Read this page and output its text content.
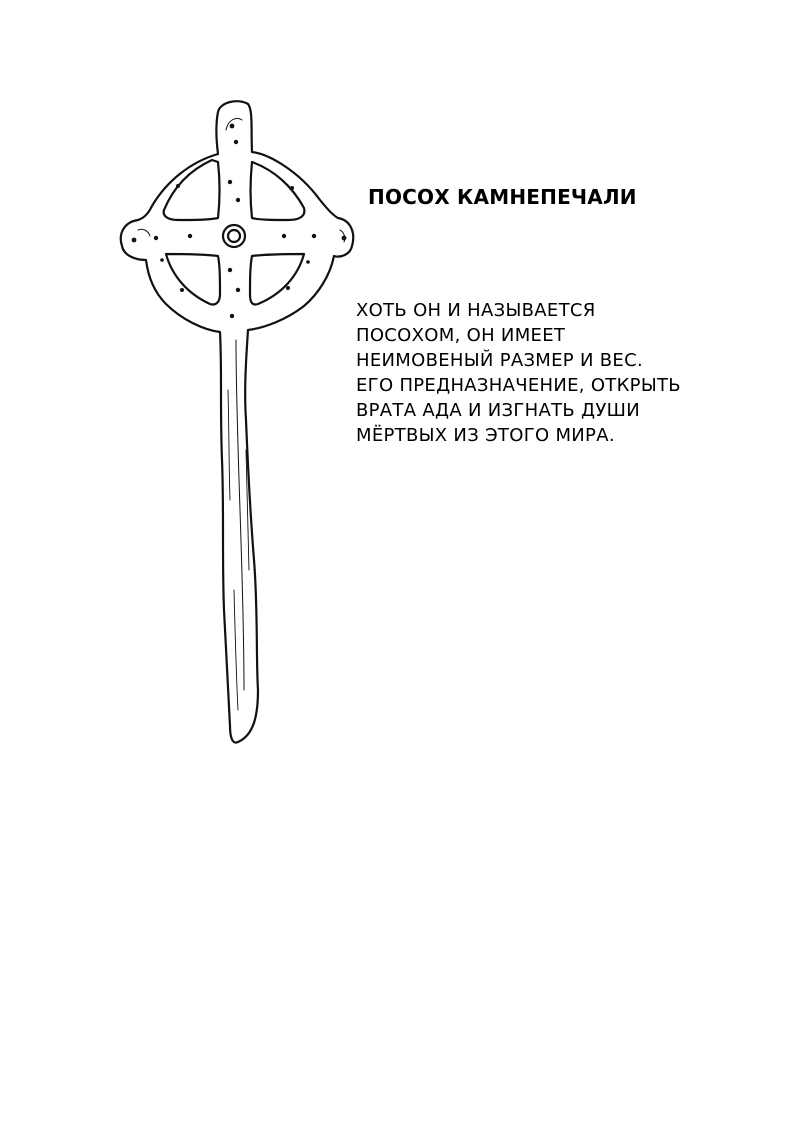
ПОСОХ КАМНЕПЕЧАЛИ
ХОТЬ ОН И НАЗЫВАЕТСЯ
ПОСОХОМ, ОН ИМЕЕТ
НЕИМОВЕНЫЙ РАЗМЕР И ВЕС.
ЕГО ПРЕДНАЗНАЧЕНИЕ, ОТКРЫТЬ
ВРАТА АДА И ИЗГНАТЬ ДУШИ
МЁРТВЫХ ИЗ ЭТОГО МИРА.
